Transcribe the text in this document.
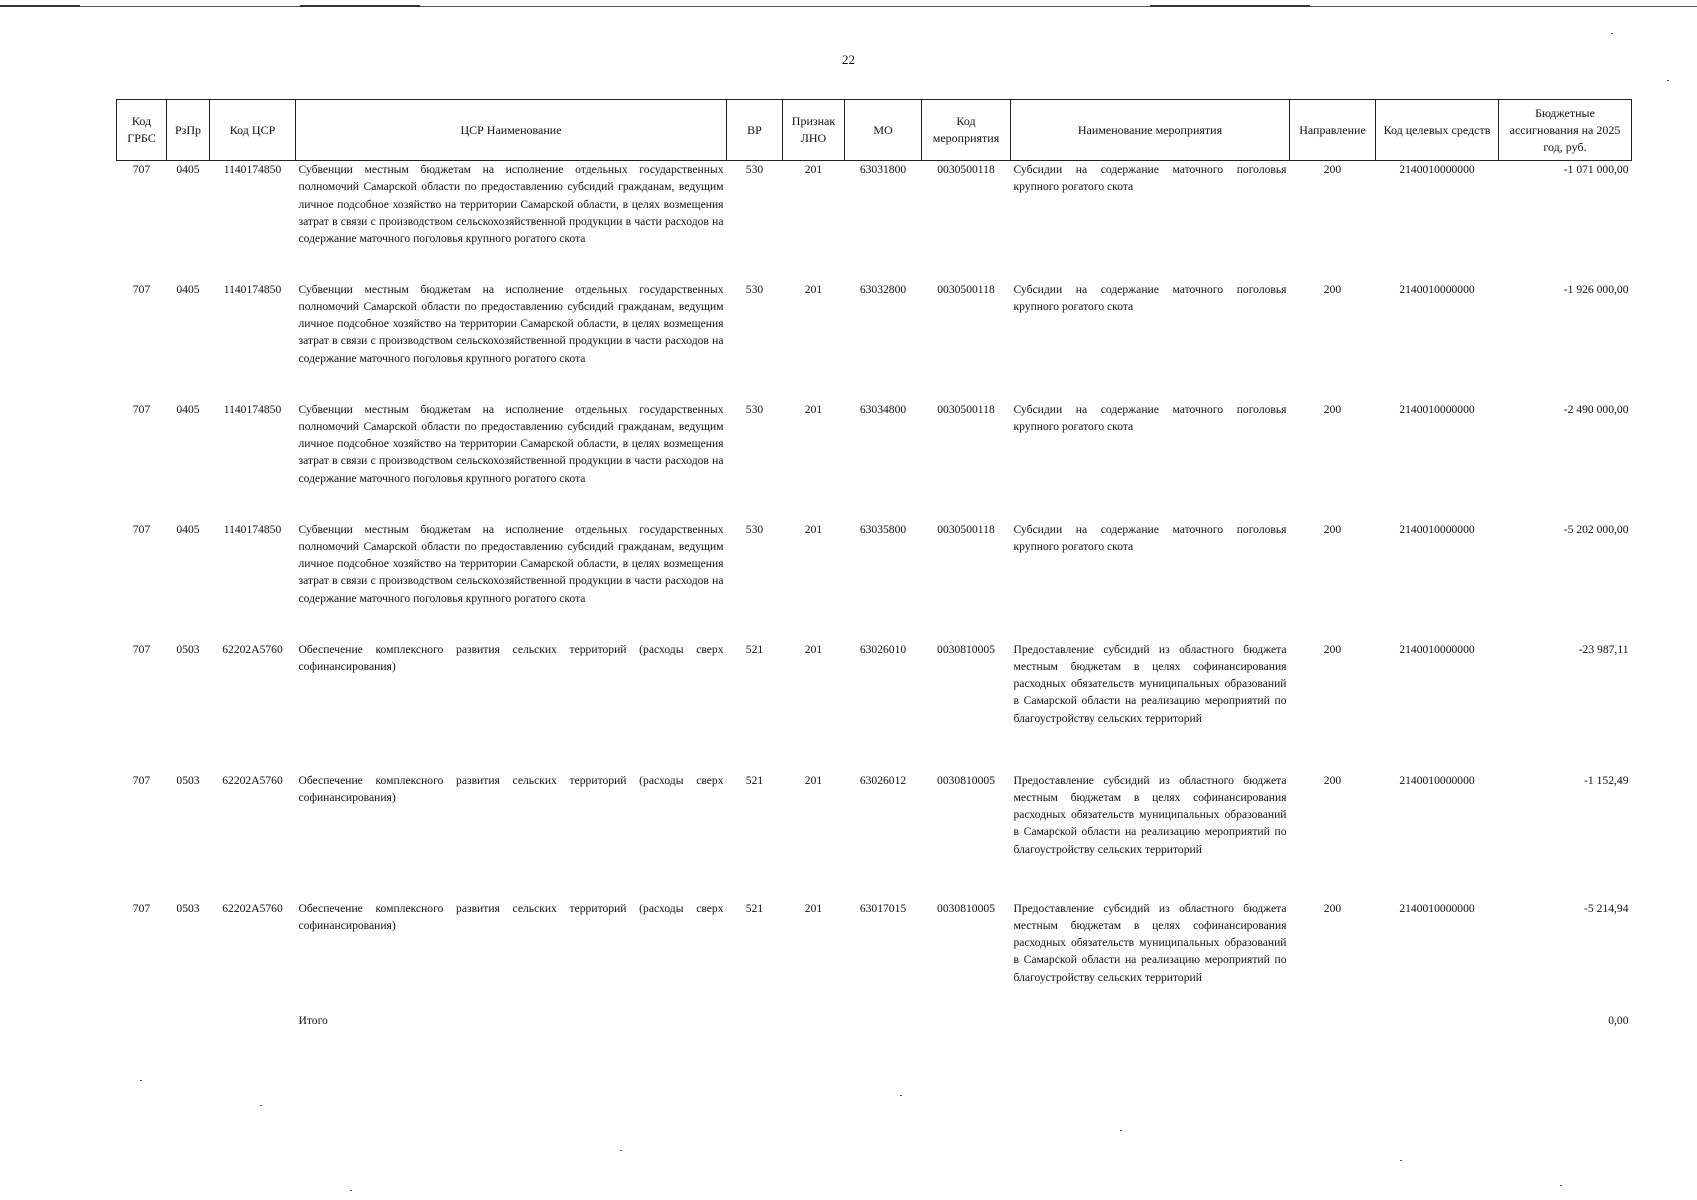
22
Код ГРБС	РзПр	Код ЦСР	ЦСР Наименование	ВР	Признак ЛНО	МО	Код мероприятия	Наименование мероприятия	Направление	Код целевых средств	Бюджетные ассигнования на 2025 год, руб.
707	0405	1140174850	Субвенции местным бюджетам на исполнение отдельных государственных полномочий Самарской области по предоставлению субсидий гражданам, ведущим личное подсобное хозяйство на территории Самарской области, в целях возмещения затрат в связи с производством сельскохозяйственной продукции в части расходов на содержание маточного поголовья крупного рогатого скота	530	201	63031800	0030500118	Субсидии на содержание маточного поголовья крупного рогатого скота	200	2140010000000	-1 071 000,00
707	0405	1140174850	Субвенции местным бюджетам на исполнение отдельных государственных полномочий Самарской области по предоставлению субсидий гражданам, ведущим личное подсобное хозяйство на территории Самарской области, в целях возмещения затрат в связи с производством сельскохозяйственной продукции в части расходов на содержание маточного поголовья крупного рогатого скота	530	201	63032800	0030500118	Субсидии на содержание маточного поголовья крупного рогатого скота	200	2140010000000	-1 926 000,00
707	0405	1140174850	Субвенции местным бюджетам на исполнение отдельных государственных полномочий Самарской области по предоставлению субсидий гражданам, ведущим личное подсобное хозяйство на территории Самарской области, в целях возмещения затрат в связи с производством сельскохозяйственной продукции в части расходов на содержание маточного поголовья крупного рогатого скота	530	201	63034800	0030500118	Субсидии на содержание маточного поголовья крупного рогатого скота	200	2140010000000	-2 490 000,00
707	0405	1140174850	Субвенции местным бюджетам на исполнение отдельных государственных полномочий Самарской области по предоставлению субсидий гражданам, ведущим личное подсобное хозяйство на территории Самарской области, в целях возмещения затрат в связи с производством сельскохозяйственной продукции в части расходов на содержание маточного поголовья крупного рогатого скота	530	201	63035800	0030500118	Субсидии на содержание маточного поголовья крупного рогатого скота	200	2140010000000	-5 202 000,00
707	0503	62202A5760	Обеспечение комплексного развития сельских территорий (расходы сверх софинансирования)	521	201	63026010	0030810005	Предоставление субсидий из областного бюджета местным бюджетам в целях софинансирования расходных обязательств муниципальных образований в Самарской области на реализацию мероприятий по благоустройству сельских территорий	200	2140010000000	-23 987,11
707	0503	62202A5760	Обеспечение комплексного развития сельских территорий (расходы сверх софинансирования)	521	201	63026012	0030810005	Предоставление субсидий из областного бюджета местным бюджетам в целях софинансирования расходных обязательств муниципальных образований в Самарской области на реализацию мероприятий по благоустройству сельских территорий	200	2140010000000	-1 152,49
707	0503	62202A5760	Обеспечение комплексного развития сельских территорий (расходы сверх софинансирования)	521	201	63017015	0030810005	Предоставление субсидий из областного бюджета местным бюджетам в целях софинансирования расходных обязательств муниципальных образований в Самарской области на реализацию мероприятий по благоустройству сельских территорий	200	2140010000000	-5 214,94
			Итого								0,00
